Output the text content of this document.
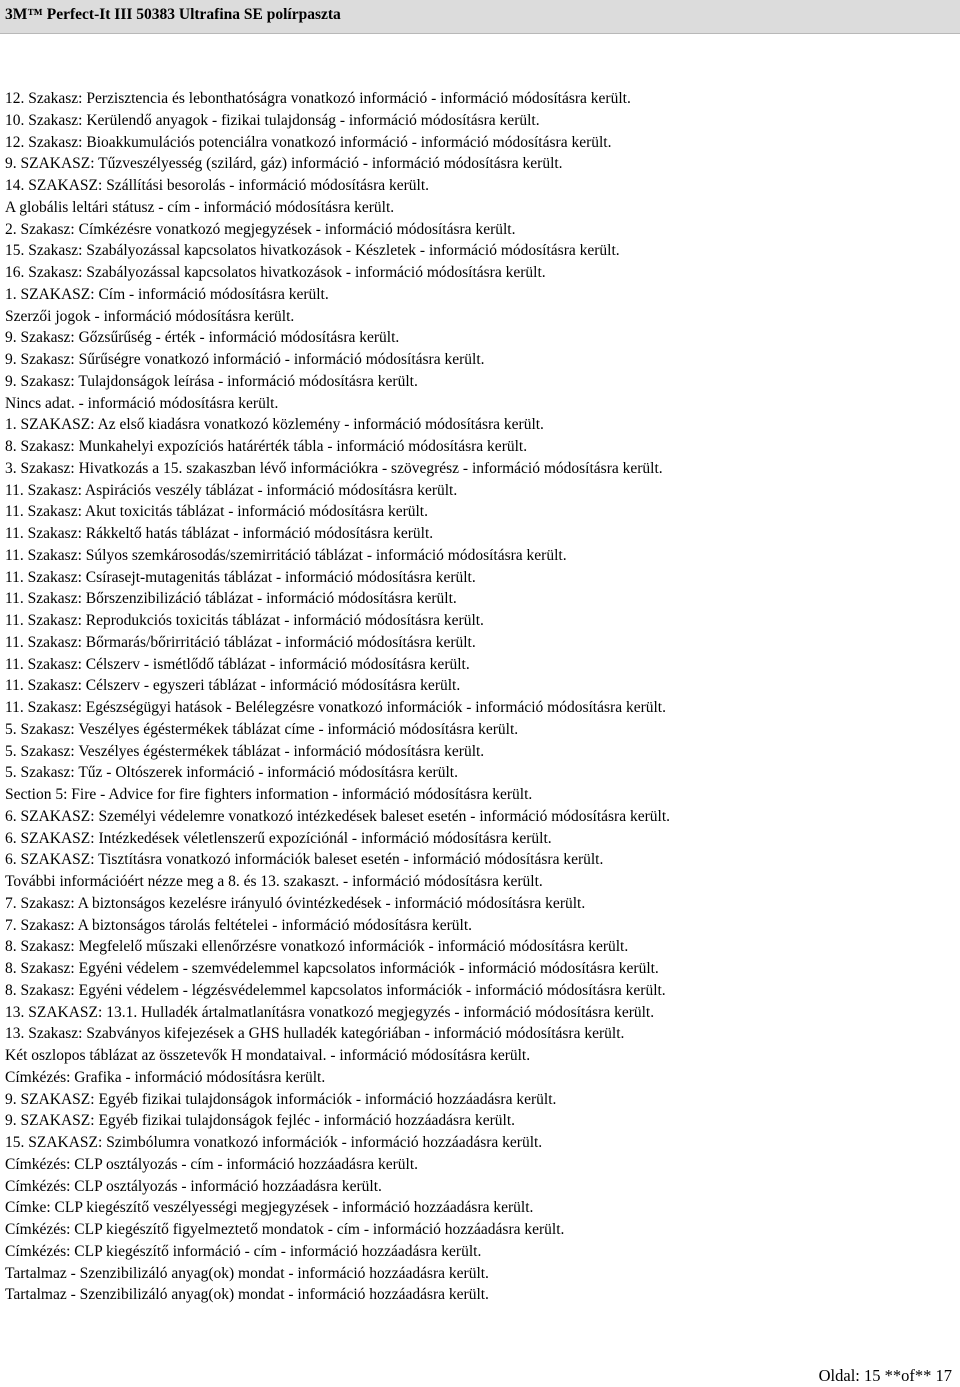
3M™ Perfect-It III 50383 Ultrafina SE polírpaszta
12. Szakasz: Perzisztencia és lebonthatóságra vonatkozó információ - információ módosításra került.
10. Szakasz: Kerülendő anyagok - fizikai tulajdonság - információ módosításra került.
12. Szakasz: Bioakkumulációs potenciálra vonatkozó információ - információ módosításra került.
9. SZAKASZ: Tűzveszélyesség (szilárd, gáz) információ - információ módosításra került.
14. SZAKASZ: Szállítási besorolás - információ módosításra került.
A globális leltári státusz - cím - információ módosításra került.
2. Szakasz: Címkézésre vonatkozó megjegyzések - információ módosításra került.
15. Szakasz: Szabályozással kapcsolatos hivatkozások - Készletek - információ módosításra került.
16. Szakasz: Szabályozással kapcsolatos hivatkozások - információ módosításra került.
1. SZAKASZ: Cím - információ módosításra került.
Szerzői jogok - információ módosításra került.
9. Szakasz: Gőzsűrűség - érték - információ módosításra került.
9. Szakasz: Sűrűségre vonatkozó információ - információ módosításra került.
9. Szakasz: Tulajdonságok leírása - információ módosításra került.
Nincs adat. - információ módosításra került.
1. SZAKASZ: Az első kiadásra vonatkozó közlemény - információ módosításra került.
8. Szakasz: Munkahelyi expozíciós határérték tábla - információ módosításra került.
3. Szakasz: Hivatkozás a 15. szakaszban lévő információkra - szövegrész - információ módosításra került.
11. Szakasz: Aspirációs veszély táblázat - információ módosításra került.
11. Szakasz: Akut toxicitás táblázat - információ módosításra került.
11. Szakasz: Rákkeltő hatás táblázat - információ módosításra került.
11. Szakasz: Súlyos szemkárosodás/szemirritáció táblázat - információ módosításra került.
11. Szakasz: Csírasejt-mutagenitás táblázat - információ módosításra került.
11. Szakasz: Bőrszenzibilizáció táblázat - információ módosításra került.
11. Szakasz: Reprodukciós toxicitás táblázat - információ módosításra került.
11. Szakasz: Bőrmarás/bőrirritáció táblázat - információ módosításra került.
11. Szakasz: Célszerv - ismétlődő táblázat - információ módosításra került.
11. Szakasz: Célszerv - egyszeri táblázat - információ módosításra került.
11. Szakasz: Egészségügyi hatások - Belélegzésre vonatkozó információk - információ módosításra került.
5. Szakasz: Veszélyes égéstermékek táblázat címe - információ módosításra került.
5. Szakasz: Veszélyes égéstermékek táblázat - információ módosításra került.
5. Szakasz: Tűz - Oltószerek információ - információ módosításra került.
Section 5: Fire - Advice for fire fighters information - információ módosításra került.
6. SZAKASZ: Személyi védelemre vonatkozó intézkedések baleset esetén - információ módosításra került.
6. SZAKASZ: Intézkedések véletlenszerű expozíciónál - információ módosításra került.
6. SZAKASZ: Tisztításra vonatkozó információk baleset esetén - információ módosításra került.
További információért nézze meg a 8. és 13. szakaszt. - információ módosításra került.
7. Szakasz: A biztonságos kezelésre irányuló óvintézkedések - információ módosításra került.
7. Szakasz: A biztonságos tárolás feltételei - információ módosításra került.
8. Szakasz: Megfelelő műszaki ellenőrzésre vonatkozó információk - információ módosításra került.
8. Szakasz: Egyéni védelem - szemvédelemmel kapcsolatos információk - információ módosításra került.
8. Szakasz: Egyéni védelem - légzésvédelemmel kapcsolatos információk - információ módosításra került.
13. SZAKASZ: 13.1. Hulladék ártalmatlanításra vonatkozó megjegyzés - információ módosításra került.
13. Szakasz: Szabványos kifejezések a GHS hulladék kategóriában - információ módosításra került.
Két oszlopos táblázat az összetevők H mondataival. - információ módosításra került.
Címkézés: Grafika - információ módosításra került.
9. SZAKASZ: Egyéb fizikai tulajdonságok információk - információ hozzáadásra került.
9. SZAKASZ: Egyéb fizikai tulajdonságok fejléc - információ hozzáadásra került.
15. SZAKASZ: Szimbólumra vonatkozó információk - információ hozzáadásra került.
Címkézés: CLP osztályozás - cím - információ hozzáadásra került.
Címkézés: CLP osztályozás - információ hozzáadásra került.
Címke: CLP kiegészítő veszélyességi megjegyzések - információ hozzáadásra került.
Címkézés: CLP kiegészítő figyelmeztető mondatok - cím - információ hozzáadásra került.
Címkézés: CLP kiegészítő információ - cím - információ hozzáadásra került.
Tartalmaz - Szenzibilizáló anyag(ok) mondat - információ hozzáadásra került.
Tartalmaz - Szenzibilizáló anyag(ok) mondat - információ hozzáadásra került.
Oldal: 15 **of** 17
